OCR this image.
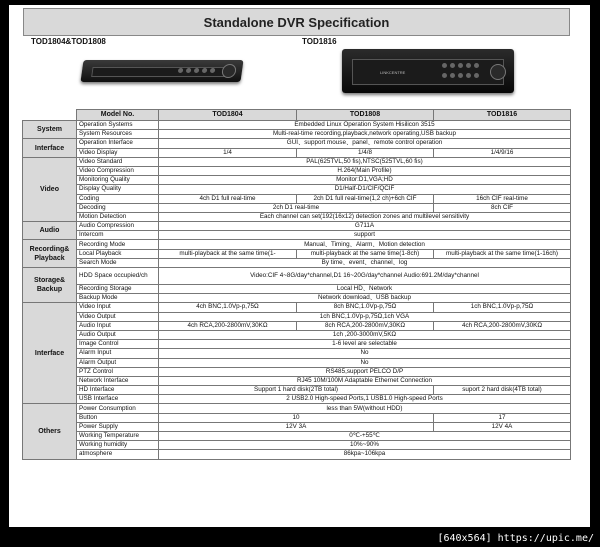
Standalone DVR Specification
TOD1804&TOD1808	TOD1816
LINKCENTRE
	Model No.	TOD1804	TOD1808	TOD1816
System	Operation Systems	Embedded Linux Operation System Hisilicon 3515		
	System Resources	Multi-real-time recording,playback,network operating,USB backup		
Interface	Operation Interface	GUI、support mouse、panel、remote control operation		
	Video Display	1/4	1/4/8	1/4/9/16
Video	Video Standard	PAL(625TVL,50 fis),NTSC(525TVL,60 fis)		
	Video Compression	H.264(Main Profile)		
	Monitoring Quality	Monitor:D1,VGA;HD		
	Display Quality	D1/Half-D1/CIF/QCIF		
	Coding	4ch D1 full real-time	2ch D1 full real-time(1,2 ch)+6ch CIF	16ch CIF real-time
	Decoding	2ch D1 real-time		8ch CIF
	Motion Detection	Each channel can set(192(16x12) detection zones and multilevel sensitivity		
Audio	Audio Compression	G711A		
	Intercom	support		
Recording& Playback	Recording Mode	Manual、Timing、Alarm、Motion detection		
	Local Playback	multi-playback at the same time(1-	multi-playback at the same time(1-8ch)	multi-playback at the same time(1-16ch)
	Search Mode	By time、event、channel、log		
Storage& Backup	HDD Space occupied/ch	Video:CIF 4~8G/day*channel,D1 16~20G/day*channel Audio:691.2M/day*channel		
	Recording Storage	Local HD、Network		
	Backup Mode	Network download、USB backup		
Interface	Video Input	4ch BNC,1.0Vp-p,75Ω	8ch BNC,1.0Vp-p,75Ω	1ch BNC,1.0Vp-p,75Ω
	Video Output	1ch BNC,1.0Vp-p,75Ω,1ch VGA		
	Audio Input	4ch RCA,200-2800mV,30KΩ	8ch RCA,200-2800mV,30KΩ	4ch RCA,200-2800mV,30KΩ
	Audio Output	1ch ,200-3000mV,5KΩ		
	Image Control	1-6 level are selectable		
	Alarm Input	No		
	Alarm Output	No		
	PTZ Control	RS485,support PELCO D/P		
	Network Interface	RJ45 10M/100M Adaptable Ethernet Connection		
	HD Interface	Support 1 hard disk(2TB total)		suport 2 hard disk(4TB total)
	USB Interface	2 USB2.0 High-speed Ports,1 USB1.0 High-speed Ports		
Others	Power Consumption	less than 5W(without HDD)		
	Button	10		17
	Power Supply	12V 3A		12V 4A
	Working Temperature	0℃-+55℃		
	Working humidity	10%~90%		
	atmosphere	86kpa~106kpa		
[640x564] https://upic.me/
